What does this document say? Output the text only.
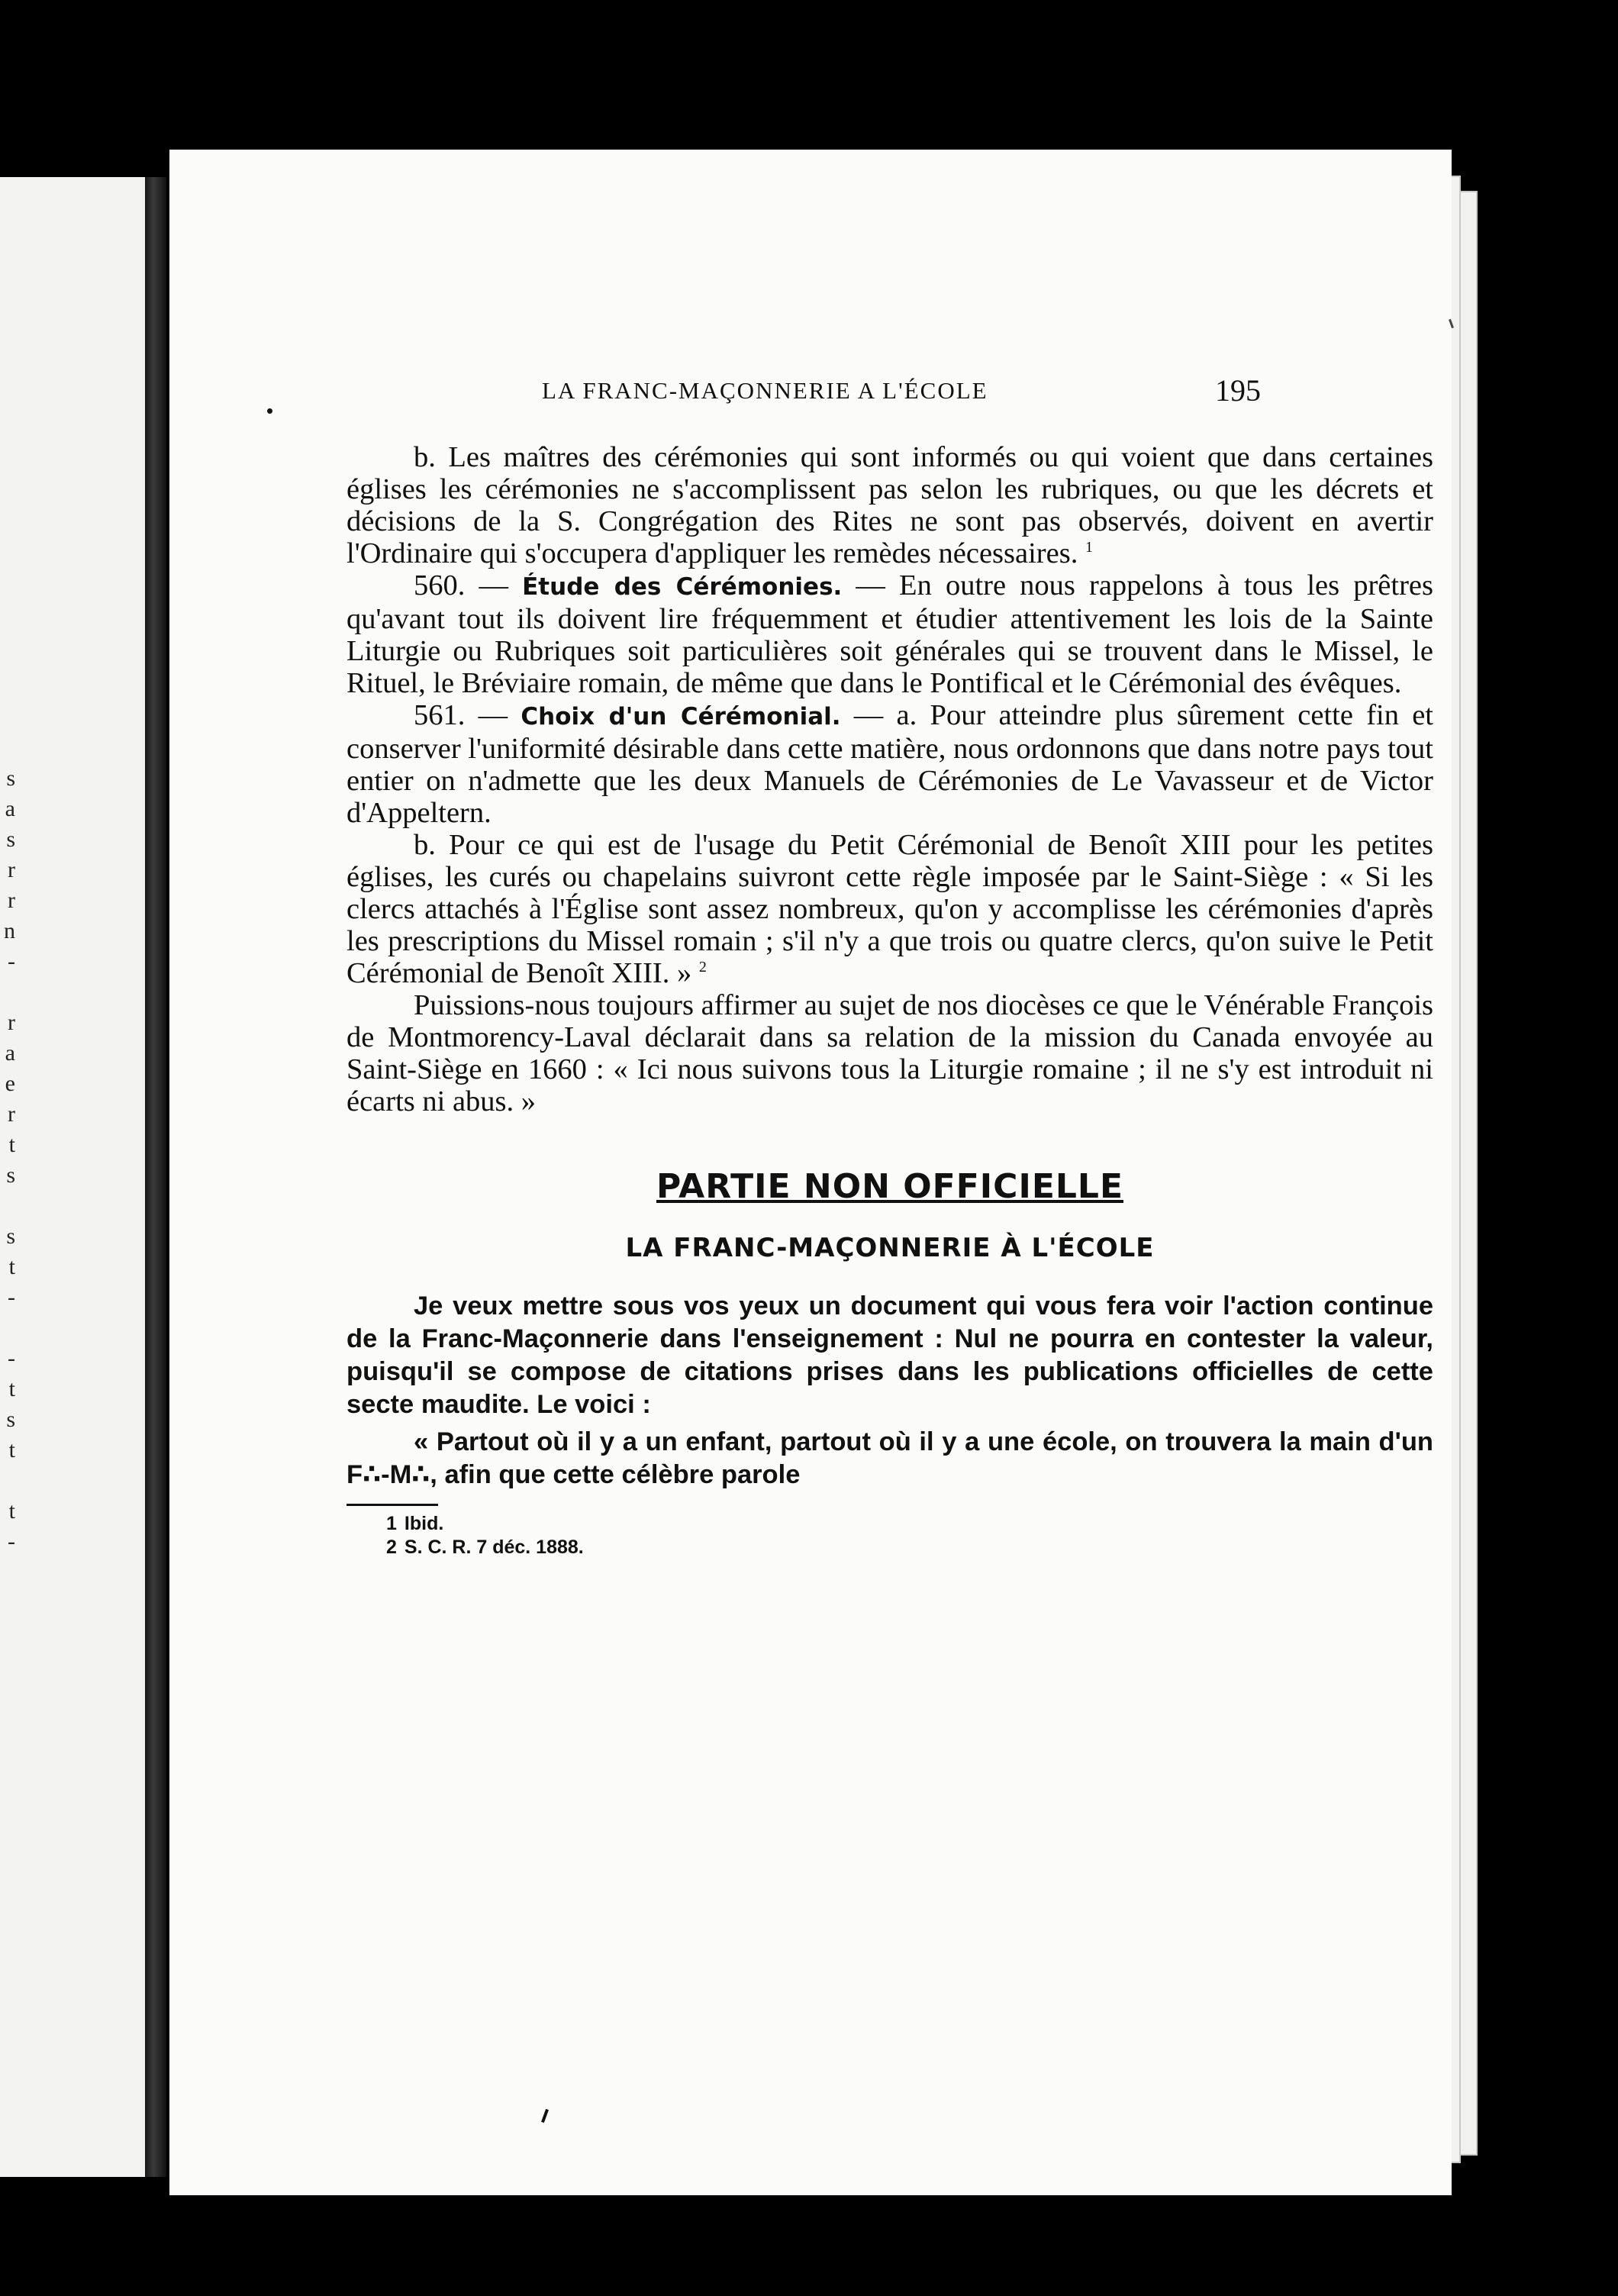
s
a
s
r
r
n
-

r
a
e
r
t
s

s
t
-

-
t
s
t

t
-
LA FRANC-MAÇONNERIE A L'ÉCOLE	195

b. Les maîtres des cérémonies qui sont informés ou qui voient que dans certaines églises les cérémonies ne s'accomplissent pas selon les rubriques, ou que les décrets et décisions de la S. Congrégation des Rites ne sont pas observés, doivent en avertir l'Ordinaire qui s'occupera d'appliquer les remèdes nécessaires. $^1$

560. — Étude des Cérémonies. — En outre nous rappelons à tous les prêtres qu'avant tout ils doivent lire fréquemment et étudier attentivement les lois de la Sainte Liturgie ou Rubriques soit particulières soit générales qui se trouvent dans le Missel, le Rituel, le Bréviaire romain, de même que dans le Pontifical et le Cérémonial des évêques.

561. — Choix d'un Cérémonial. — a. Pour atteindre plus sûrement cette fin et conserver l'uniformité désirable dans cette matière, nous ordonnons que dans notre pays tout entier on n'admette que les deux Manuels de Cérémonies de Le Vavasseur et de Victor d'Appeltern.

b. Pour ce qui est de l'usage du Petit Cérémonial de Benoît XIII pour les petites églises, les curés ou chapelains suivront cette règle imposée par le Saint-Siège : « Si les clercs attachés à l'Église sont assez nombreux, qu'on y accomplisse les cérémonies d'après les prescriptions du Missel romain ; s'il n'y a que trois ou quatre clercs, qu'on suive le Petit Cérémonial de Benoît XIII. » $^2$

Puissions-nous toujours affirmer au sujet de nos diocèses ce que le Vénérable François de Montmorency-Laval déclarait dans sa relation de la mission du Canada envoyée au Saint-Siège en 1660 : « Ici nous suivons tous la Liturgie romaine ; il ne s'y est introduit ni écarts ni abus. »

PARTIE NON OFFICIELLE

LA FRANC-MAÇONNERIE À L'ÉCOLE

Je veux mettre sous vos yeux un document qui vous fera voir l'action continue de la Franc-Maçonnerie dans l'enseignement : Nul ne pourra en contester la valeur, puisqu'il se compose de citations prises dans les publications officielles de cette secte maudite. Le voici :

« Partout où il y a un enfant, partout où il y a une école, on trouvera la main d'un F∴-M∴, afin que cette célèbre parole

1 Ibid.
2 S. C. R. 7 déc. 1888.
